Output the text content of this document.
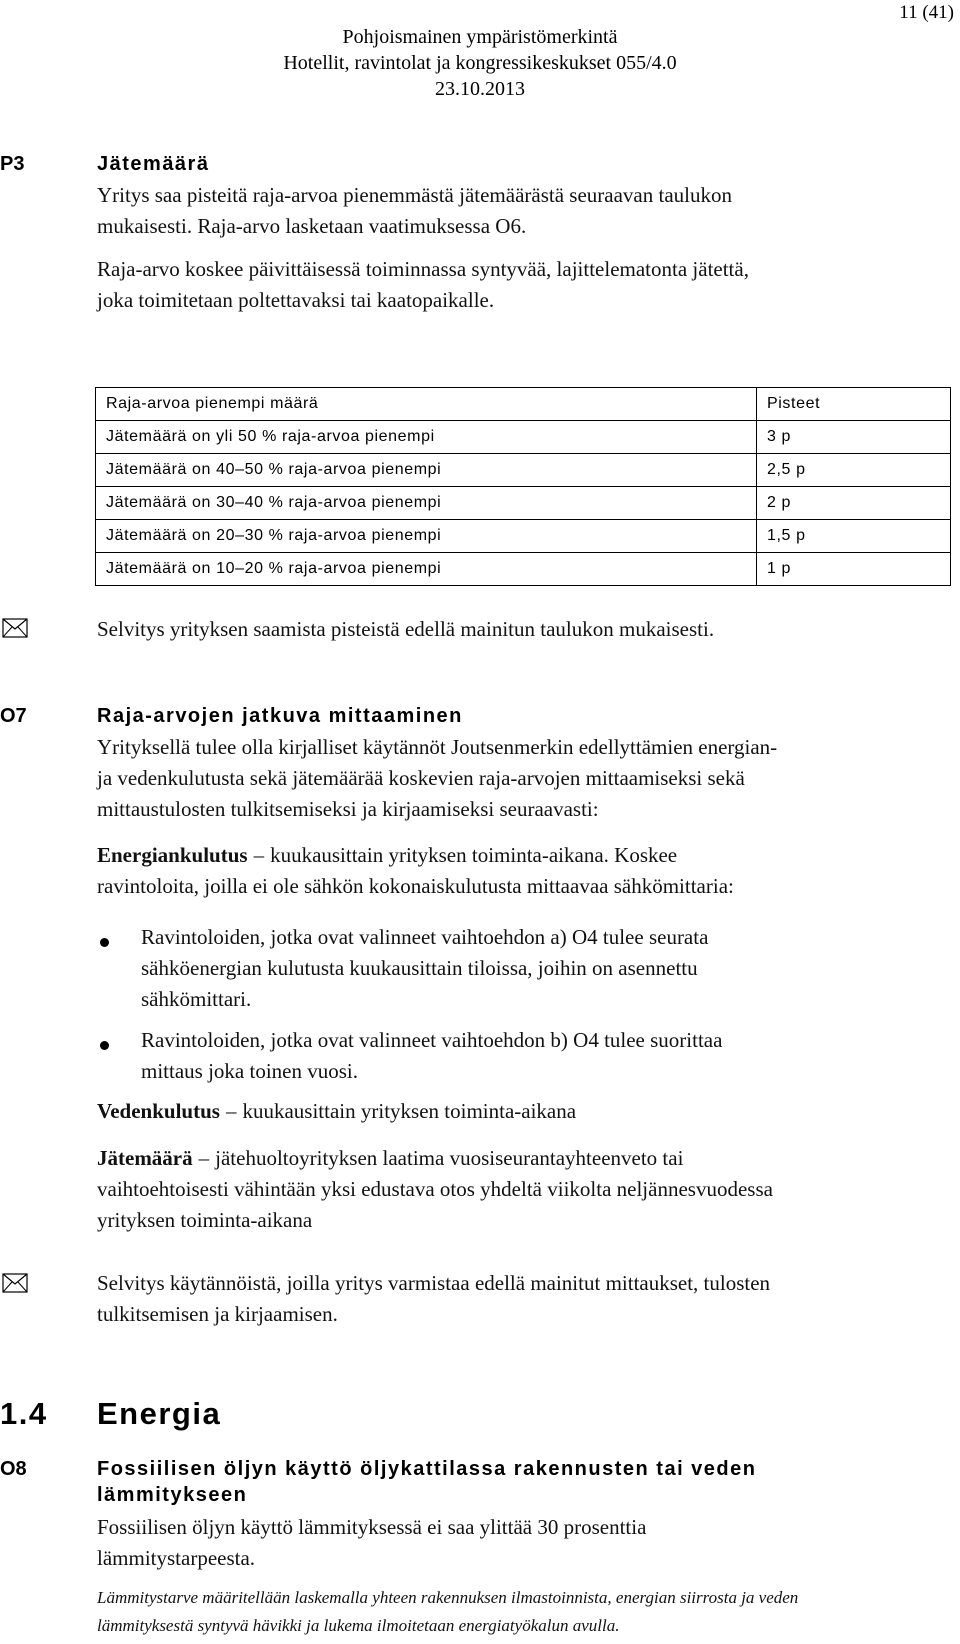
11 (41)
Pohjoismainen ympäristömerkintä
Hotellit, ravintolat ja kongressikeskukset 055/4.0
23.10.2013
P3	Jätemäärä
Yritys saa pisteitä raja-arvoa pienemmästä jätemäärästä seuraavan taulukon
mukaisesti. Raja-arvo lasketaan vaatimuksessa O6.
Raja-arvo koskee päivittäisessä toiminnassa syntyvää, lajittelematonta jätettä,
joka toimitetaan poltettavaksi tai kaatopaikalle.
Raja-arvoa pienempi määrä	Pisteet
Jätemäärä on yli 50 % raja-arvoa pienempi	3 p
Jätemäärä on 40–50 % raja-arvoa pienempi	2,5 p
Jätemäärä on 30–40 % raja-arvoa pienempi	2 p
Jätemäärä on 20–30 % raja-arvoa pienempi	1,5 p
Jätemäärä on 10–20 % raja-arvoa pienempi	1 p
Selvitys yrityksen saamista pisteistä edellä mainitun taulukon mukaisesti.
O7	Raja-arvojen jatkuva mittaaminen
Yrityksellä tulee olla kirjalliset käytännöt Joutsenmerkin edellyttämien energian-
ja vedenkulutusta sekä jätemäärää koskevien raja-arvojen mittaamiseksi sekä
mittaustulosten tulkitsemiseksi ja kirjaamiseksi seuraavasti:
Energiankulutus – kuukausittain yrityksen toiminta-aikana. Koskee
ravintoloita, joilla ei ole sähkön kokonaiskulutusta mittaavaa sähkömittaria:
Ravintoloiden, jotka ovat valinneet vaihtoehdon a) O4 tulee seurata
sähköenergian kulutusta kuukausittain tiloissa, joihin on asennettu
sähkömittari.
Ravintoloiden, jotka ovat valinneet vaihtoehdon b) O4 tulee suorittaa
mittaus joka toinen vuosi.
Vedenkulutus – kuukausittain yrityksen toiminta-aikana
Jätemäärä – jätehuoltoyrityksen laatima vuosiseurantayhteenveto tai
vaihtoehtoisesti vähintään yksi edustava otos yhdeltä viikolta neljännesvuodessa
yrityksen toiminta-aikana
Selvitys käytännöistä, joilla yritys varmistaa edellä mainitut mittaukset, tulosten
tulkitsemisen ja kirjaamisen.
1.4 Energia
O8	Fossiilisen öljyn käyttö öljykattilassa rakennusten tai veden
lämmitykseen
Fossiilisen öljyn käyttö lämmityksessä ei saa ylittää 30 prosenttia
lämmitystarpeesta.
Lämmitystarve määritellään laskemalla yhteen rakennuksen ilmastoinnista, energian siirrosta ja veden
lämmityksestä syntyvä hävikki ja lukema ilmoitetaan energiatyökalun avulla.
